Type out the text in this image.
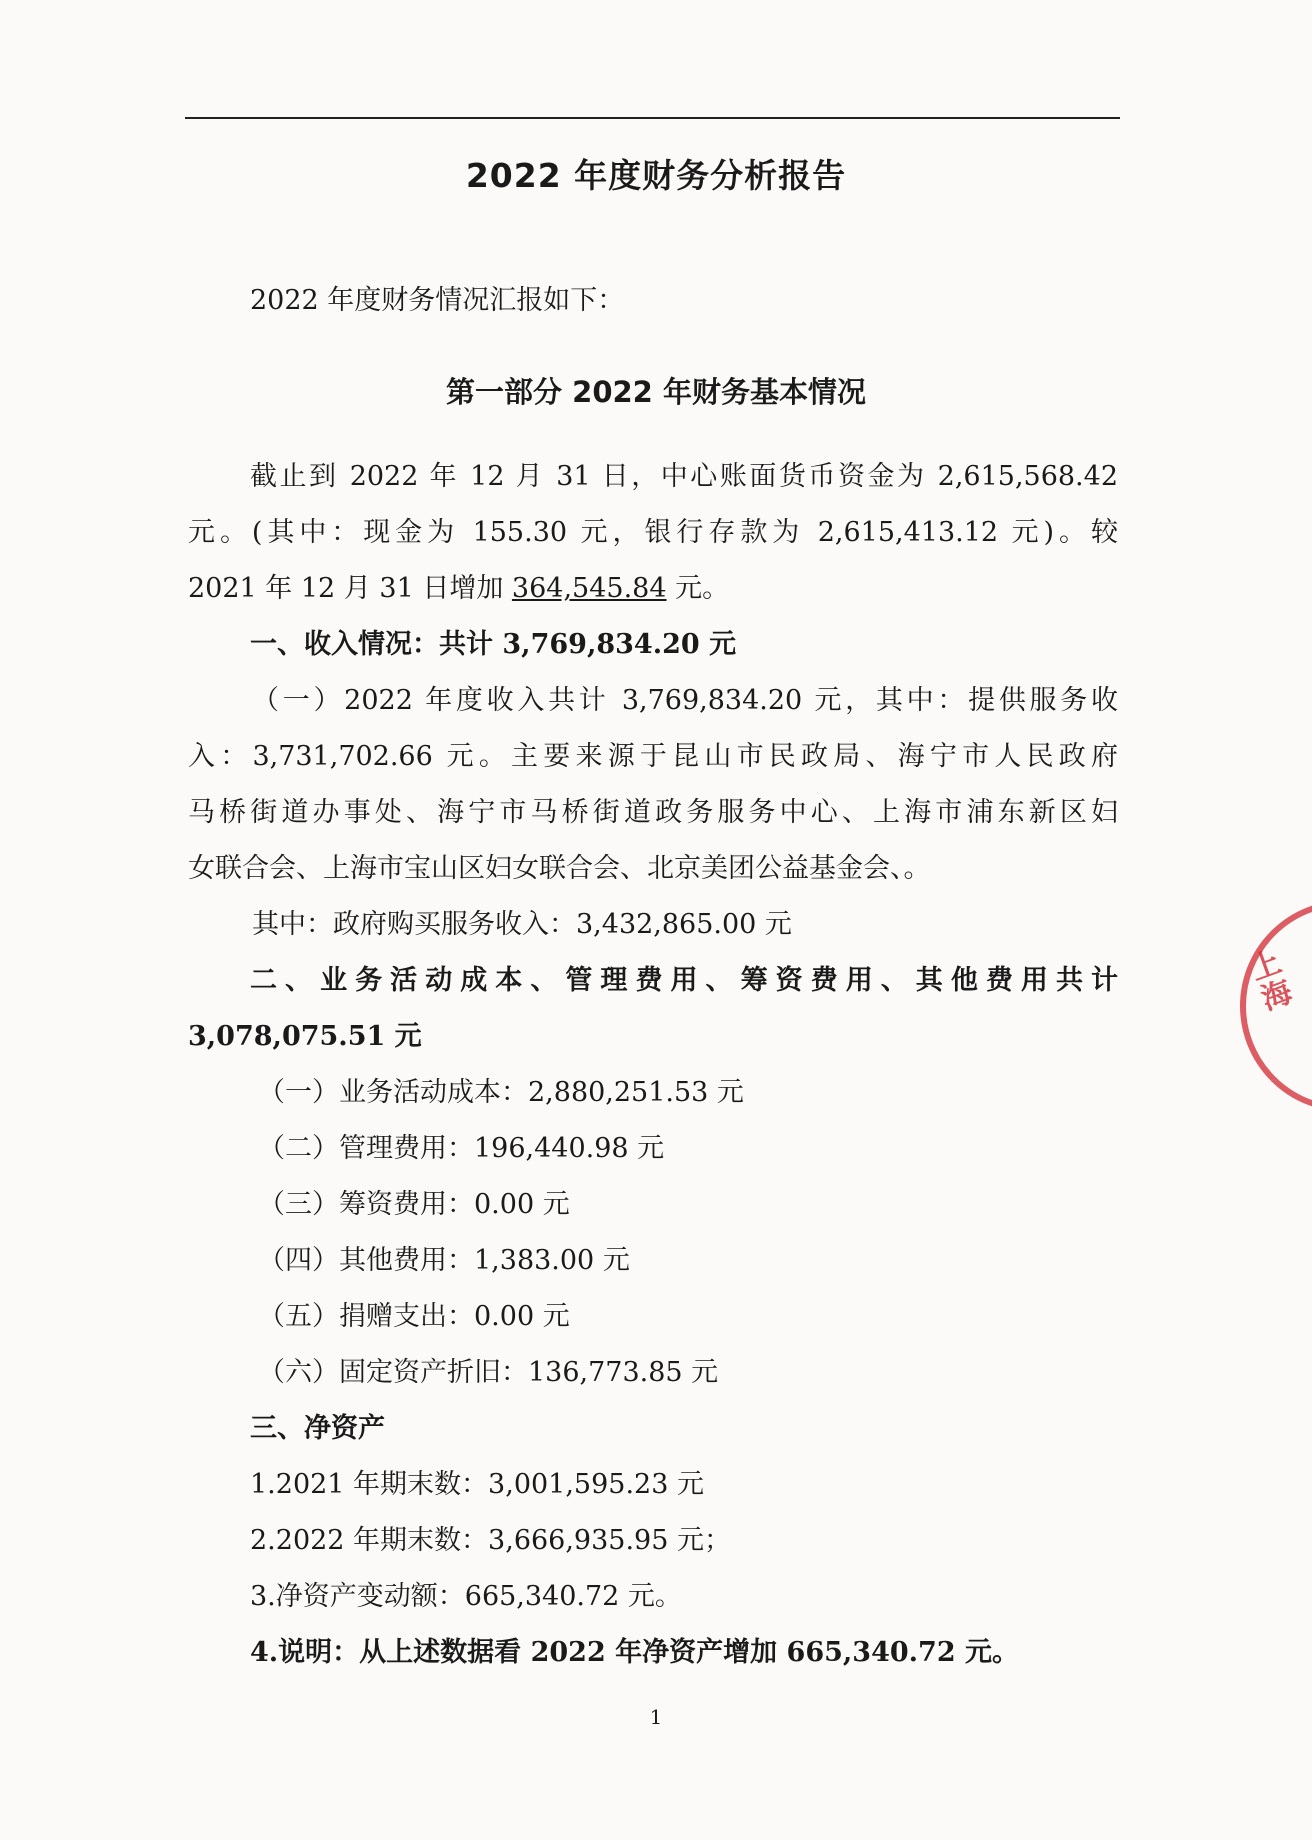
2022 年度财务分析报告
2022 年度财务情况汇报如下：
第一部分 2022 年财务基本情况
截止到 2022 年 12 月 31 日，中心账面货币资金为 2,615,568.42
元。(其中：现金为 155.30 元，银行存款为 2,615,413.12 元)。较
2021 年 12 月 31 日增加 364,545.84 元。
一、收入情况：共计 3,769,834.20 元
（一）2022 年度收入共计 3,769,834.20 元，其中：提供服务收
入：3,731,702.66 元。主要来源于昆山市民政局、海宁市人民政府
马桥街道办事处、海宁市马桥街道政务服务中心、上海市浦东新区妇
女联合会、上海市宝山区妇女联合会、北京美团公益基金会、。
其中：政府购买服务收入：3,432,865.00 元
二、业务活动成本、管理费用、筹资费用、其他费用共计
3,078,075.51 元
（一）业务活动成本：2,880,251.53 元
（二）管理费用：196,440.98 元
（三）筹资费用：0.00 元
（四）其他费用：1,383.00 元
（五）捐赠支出：0.00 元
（六）固定资产折旧：136,773.85 元
三、净资产
1.2021 年期末数：3,001,595.23 元
2.2022 年期末数：3,666,935.95 元；
3.净资产变动额：665,340.72 元。
4.说明：从上述数据看 2022 年净资产增加 665,340.72 元。
1
上
海
